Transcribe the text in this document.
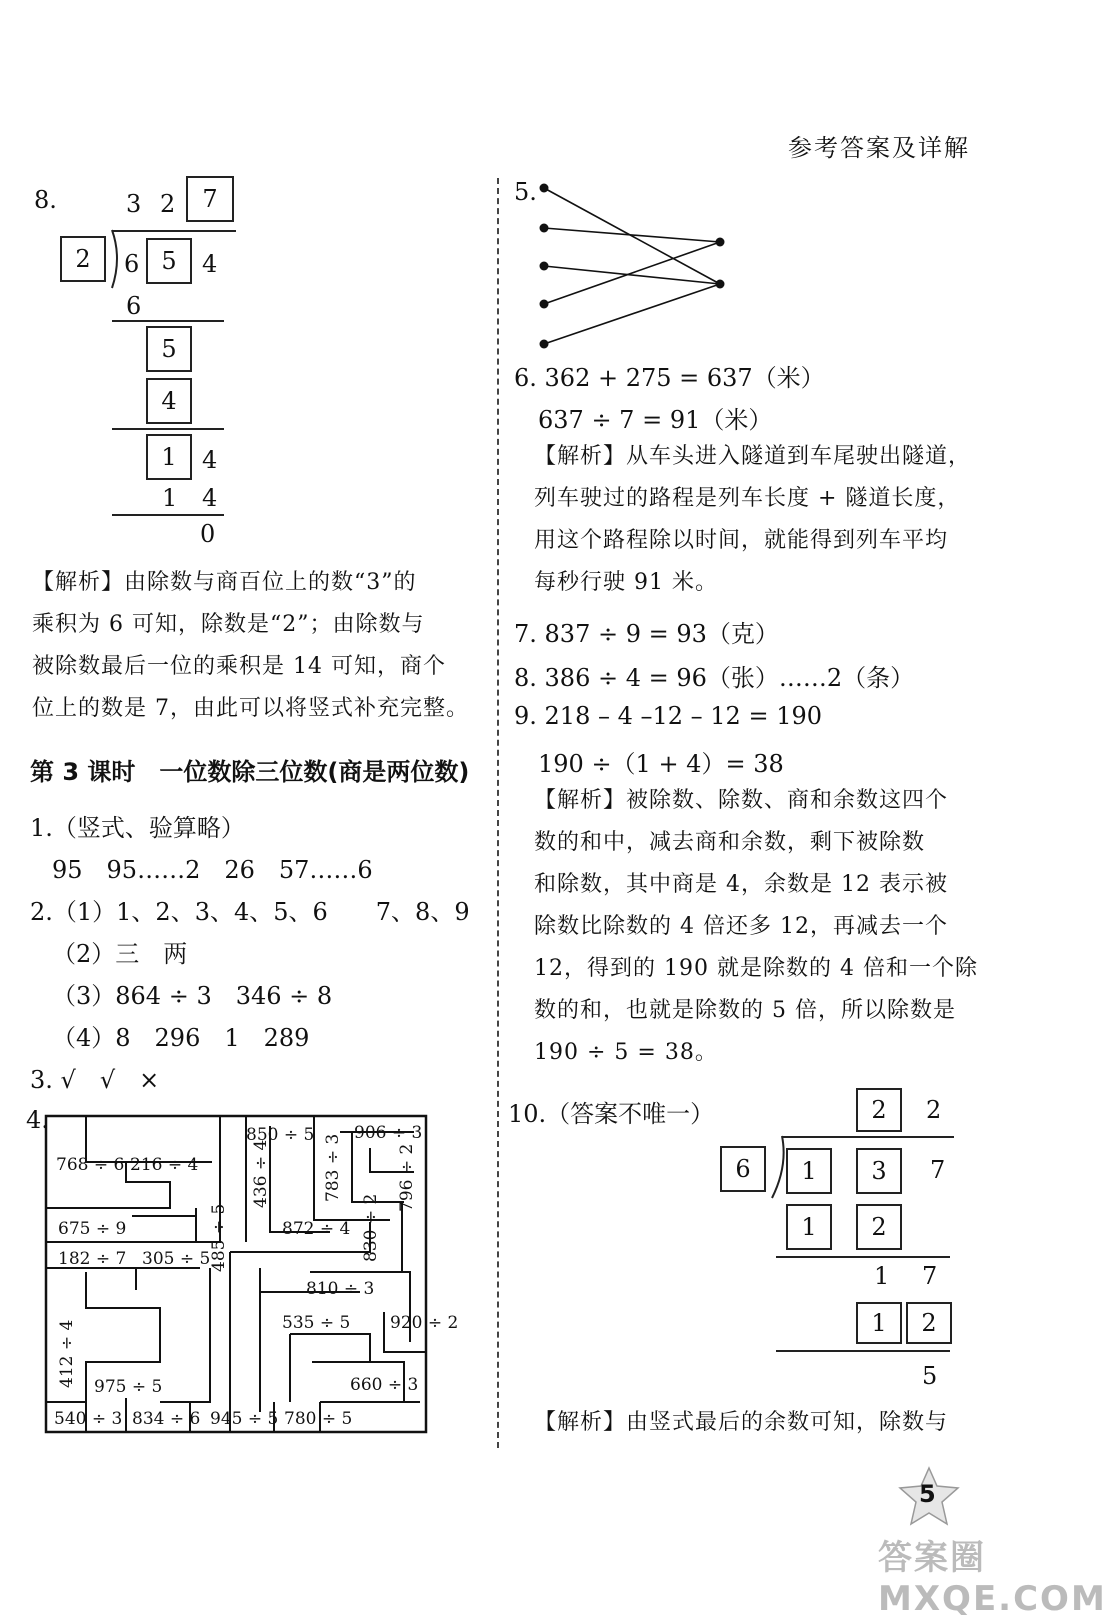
参考答案及详解
8.	3 2	7
2	6 5	4
6
5
4
1	4
1 4
0
【解析】由除数与商百位上的数“3”的
乘积为 6 可知，除数是“2”；由除数与
被除数最后一位的乘积是 14 可知，商个
位上的数是 7，由此可以将竖式补充完整。
第 3 课时　一位数除三位数(商是两位数)
1.（竖式、验算略）
95　95……2　26　57……6
2.（1）1、2、3、4、5、6　　7、8、9
（2）三　两
（3）864 ÷ 3　346 ÷ 8
（4）8　296　1　289
3. √　√　×
4.
768 ÷ 6 216 ÷ 4
850 ÷ 5 906 ÷ 3
436 ÷ 4	783 ÷ 3	796 ÷ 2
675 ÷ 9	872 ÷ 4 830 ÷ 2
182 ÷ 7 305 ÷ 5
485 ÷ 5
810 ÷ 3
535 ÷ 5 920 ÷ 2
412 ÷ 4 975 ÷ 5	660 ÷ 3
540 ÷ 3 834 ÷ 6 945 ÷ 5 780 ÷ 5
5.
6. 362 + 275 = 637（米）
637 ÷ 7 = 91（米）
【解析】从车头进入隧道到车尾驶出隧道，
列车驶过的路程是列车长度 + 隧道长度，
用这个路程除以时间，就能得到列车平均
每秒行驶 91 米。
7. 837 ÷ 9 = 93（克）
8. 386 ÷ 4 = 96（张）……2（条）
9. 218 – 4 –12 – 12 = 190
190 ÷（1 + 4）= 38
【解析】被除数、除数、商和余数这四个
数的和中，减去商和余数，剩下被除数
和除数，其中商是 4，余数是 12 表示被
除数比除数的 4 倍还多 12，再减去一个
12，得到的 190 就是除数的 4 倍和一个除
数的和，也就是除数的 5 倍，所以除数是
190 ÷ 5 = 38。
10.（答案不唯一）	2	2
6	1	3	7
1	2
1 7
1	2
5
【解析】由竖式最后的余数可知，除数与
5
答案圈 MXQE.COM
